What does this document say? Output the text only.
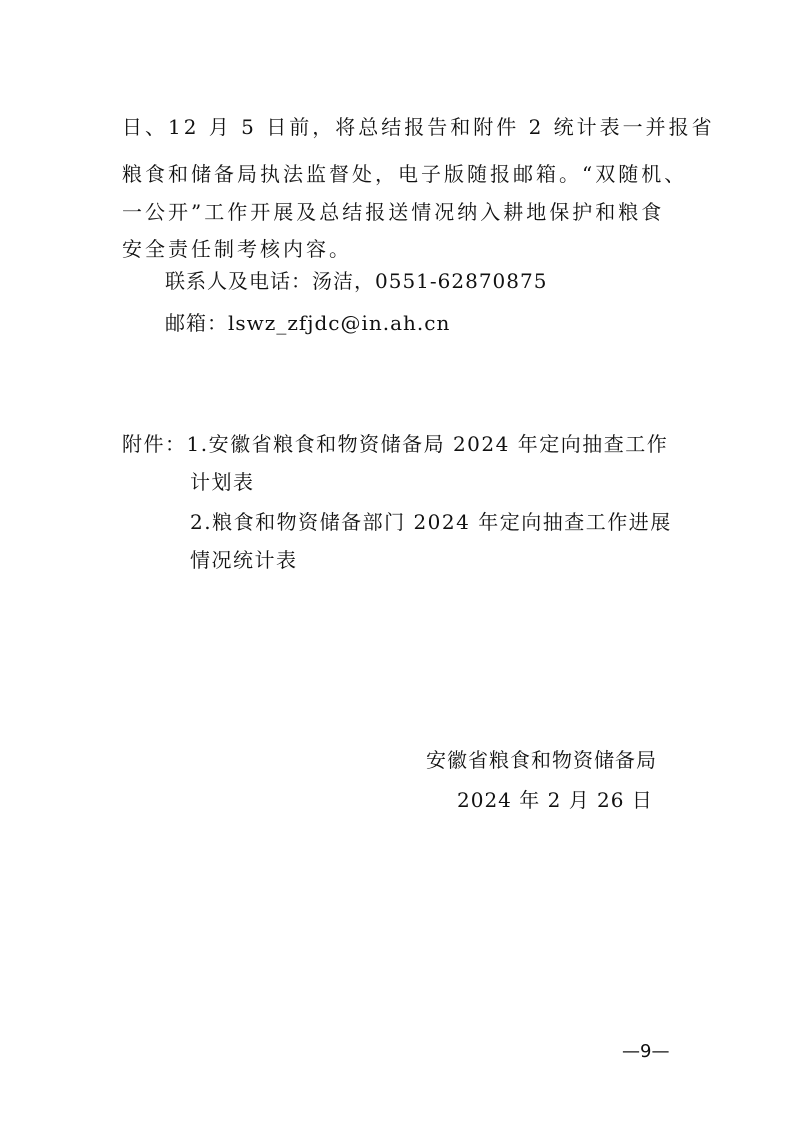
日、12 月 5 日前，将总结报告和附件 2 统计表一并报省
粮食和储备局执法监督处，电子版随报邮箱。“双随机、
一公开”工作开展及总结报送情况纳入耕地保护和粮食
安全责任制考核内容。
联系人及电话：汤洁，0551-62870875
邮箱：lswz_zfjdc@in.ah.cn
附件：1.安徽省粮食和物资储备局 2024 年定向抽查工作
计划表
2.粮食和物资储备部门 2024 年定向抽查工作进展
情况统计表
安徽省粮食和物资储备局
2024 年 2 月 26 日
—9—
